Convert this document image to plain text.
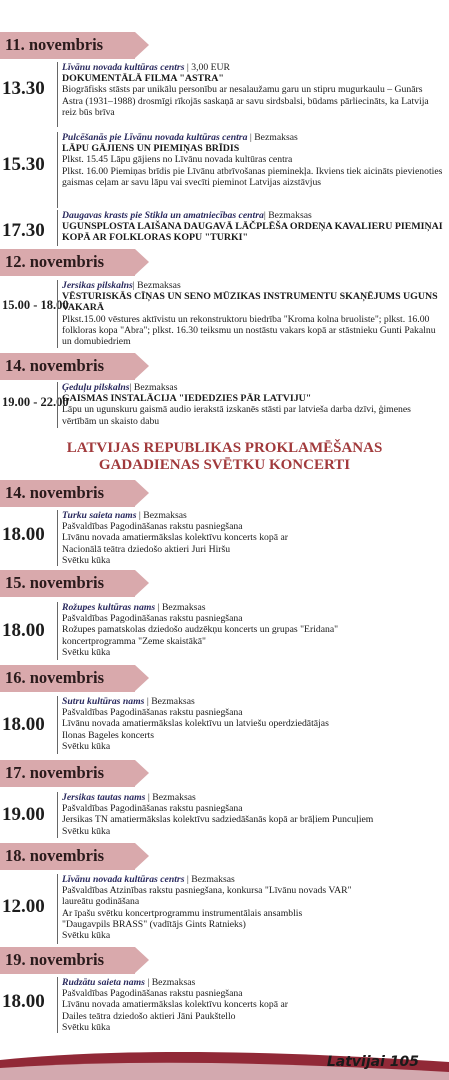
11. novembris
13.30
Līvānu novada kultūras centrs | 3,00 EUR
DOKUMENTĀLĀ FILMA "ASTRA"
Biogrāfisks stāsts par unikālu personību ar nesalaužamu garu un stipru mugurkaulu – Gunārs Astra (1931–1988) drosmīgi rīkojās saskaņā ar savu sirdsbalsi, būdams pārliecināts, ka Latvija reiz būs brīva
15.30
Pulcēšanās pie Līvānu novada kultūras centra | Bezmaksas
LĀPU GĀJIENS UN PIEMIŅAS BRĪDIS
Plkst. 15.45 Lāpu gājiens no Līvānu novada kultūras centra
Plkst. 16.00 Piemiņas brīdis pie Līvānu atbrīvošanas pieminekļa. Ikviens tiek aicināts pievienoties gaismas ceļam ar savu lāpu vai svecīti pieminot Latvijas aizstāvjus
17.30
Daugavas krasts pie Stikla un amatniecības centra| Bezmaksas
UGUNSPLOSTA LAIŠANA DAUGAVĀ LĀČPLĒŠA ORDEŅA KAVALIERU PIEMIŅAI KOPĀ AR FOLKLORAS KOPU "TURKI"
12. novembris
15.00 - 18.00
Jersikas pilskalns| Bezmaksas
VĒSTURISKĀS CĪŅAS UN SENO MŪZIKAS INSTRUMENTU SKAŅĒJUMS UGUNS VAKARĀ
Plkst.15.00 vēstures aktīvistu un rekonstruktoru biedrība "Kroma kolna bruoliste"; plkst. 16.00 folkloras kopa "Abra"; plkst. 16.30 teiksmu un nostāstu vakars kopā ar stāstnieku Gunti Pakalnu un domubiedriem
14. novembris
19.00 - 22.00
Ģeduļu pilskalns| Bezmaksas
GAISMAS INSTALĀCIJA "IEDEDZIES PĀR LATVIJU"
Lāpu un ugunskuru gaismā audio ierakstā izskanēs stāsti par latvieša darba dzīvi, ģimenes vērtībām un skaisto dabu
LATVIJAS REPUBLIKAS PROKLAMĒŠANAS GADADIENAS SVĒTKU KONCERTI
14. novembris
18.00
Turku saieta nams | Bezmaksas
Pašvaldības Pagodināšanas rakstu pasniegšana
Līvānu novada amatiermākslas kolektīvu koncerts kopā ar
Nacionālā teātra dziedošo aktieri Juri Hiršu
Svētku kūka
15. novembris
18.00
Rožupes kultūras nams | Bezmaksas
Pašvaldības Pagodināšanas rakstu pasniegšana
Rožupes pamatskolas dziedošo audzēkņu koncerts un grupas "Eridana"
koncertprogramma "Zeme skaistākā"
Svētku kūka
16. novembris
18.00
Sutru kultūras nams | Bezmaksas
Pašvaldības Pagodināšanas rakstu pasniegšana
Līvānu novada amatiermākslas kolektīvu un latviešu operdziedātājas
Ilonas Bageles koncerts
Svētku kūka
17. novembris
19.00
Jersikas tautas nams | Bezmaksas
Pašvaldības Pagodināšanas rakstu pasniegšana
Jersikas TN amatiermākslas kolektīvu sadziedāšanās kopā ar brāļiem Puncuļiem
Svētku kūka
18. novembris
12.00
Līvānu novada kultūras centrs | Bezmaksas
Pašvaldības Atzinības rakstu pasniegšana, konkursa "Līvānu novads VAR"
laureātu godināšana
Ar īpašu svētku koncertprogrammu instrumentālais ansamblis
"Daugavpils BRASS" (vadītājs Gints Ratnieks)
Svētku kūka
19. novembris
18.00
Rudzātu saieta nams | Bezmaksas
Pašvaldības Pagodināšanas rakstu pasniegšana
Līvānu novada amatiermākslas kolektīvu koncerts kopā ar
Dailes teātra dziedošo aktieri Jāni Paukštello
Svētku kūka
Latvijai 105
